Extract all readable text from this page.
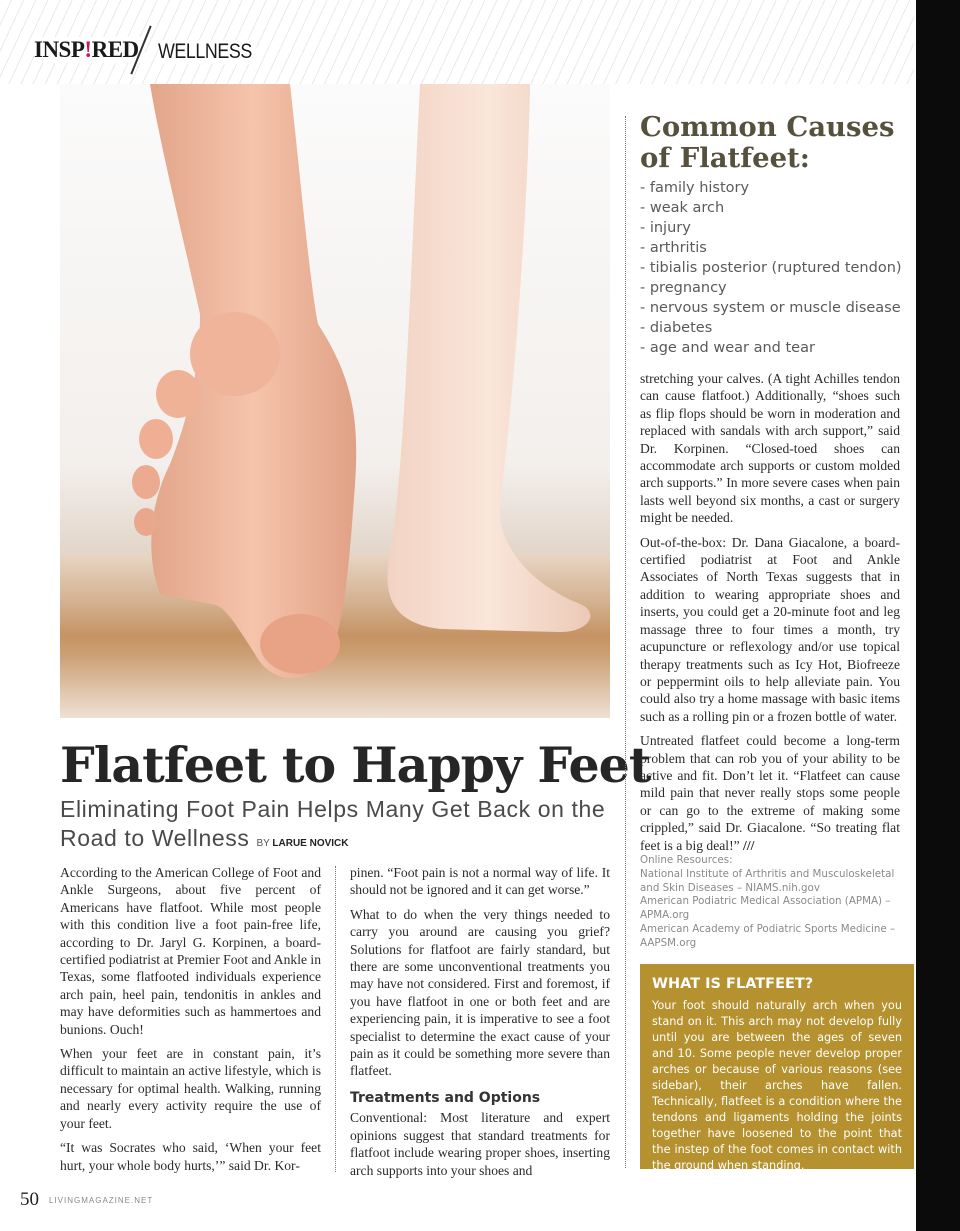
INSP!RED WELLNESS
Flatfeet to Happy Feet
Eliminating Foot Pain Helps Many Get Back on the Road to Wellness BY LARUE NOVICK

According to the American College of Foot and Ankle Surgeons, about five percent of Americans have flatfoot. While most people with this condition live a foot pain-free life, according to Dr. Jaryl G. Korpinen, a board-certified podiatrist at Premier Foot and Ankle in Texas, some flatfooted individuals experience arch pain, heel pain, tendonitis in ankles and may have deformities such as hammertoes and bunions. Ouch!

When your feet are in constant pain, it’s difficult to maintain an active lifestyle, which is necessary for optimal health. Walking, running and nearly every activity require the use of your feet.

“It was Socrates who said, ‘When your feet hurt, your whole body hurts,’” said Dr. Kor-

pinen. “Foot pain is not a normal way of life. It should not be ignored and it can get worse.”

What to do when the very things needed to carry you around are causing you grief? Solutions for flatfoot are fairly standard, but there are some unconventional treatments you may have not considered. First and foremost, if you have flatfoot in one or both feet and are experiencing pain, it is imperative to see a foot specialist to determine the exact cause of your pain as it could be something more severe than flatfeet.

Treatments and Options

Conventional: Most literature and expert opinions suggest that standard treatments for flatfoot include wearing proper shoes, inserting arch supports into your shoes and

Common Causes of Flatfeet:
- family history
- weak arch
- injury
- arthritis
- tibialis posterior (ruptured tendon)
- pregnancy
- nervous system or muscle disease
- diabetes
- age and wear and tear

stretching your calves. (A tight Achilles tendon can cause flatfoot.) Additionally, “shoes such as flip flops should be worn in moderation and replaced with sandals with arch support,” said Dr. Korpinen. “Closed-toed shoes can accommodate arch supports or custom molded arch supports.” In more severe cases when pain lasts well beyond six months, a cast or surgery might be needed.

Out-of-the-box: Dr. Dana Giacalone, a board-certified podiatrist at Foot and Ankle Associates of North Texas suggests that in addition to wearing appropriate shoes and inserts, you could get a 20-minute foot and leg massage three to four times a month, try acupuncture or reflexology and/or use topical therapy treatments such as Icy Hot, Biofreeze or peppermint oils to help alleviate pain. You could also try a home massage with basic items such as a rolling pin or a frozen bottle of water.

Untreated flatfeet could become a long-term problem that can rob you of your ability to be active and fit. Don’t let it. “Flatfeet can cause mild pain that never really stops some people or can go to the extreme of making some crippled,” said Dr. Giacalone. “So treating flat feet is a big deal!” ///

Online Resources:
National Institute of Arthritis and Musculoskeletal and Skin Diseases – NIAMS.nih.gov
American Podiatric Medical Association (APMA) – APMA.org
American Academy of Podiatric Sports Medicine – AAPSM.org
WHAT IS FLATFEET?
Your foot should naturally arch when you stand on it. This arch may not develop fully until you are between the ages of seven and 10. Some people never develop proper arches or because of various reasons (see sidebar), their arches have fallen. Technically, flatfeet is a condition where the tendons and ligaments holding the joints together have loosened to the point that the instep of the foot comes in contact with the ground when standing.
50 LIVINGMAGAZINE.NET
